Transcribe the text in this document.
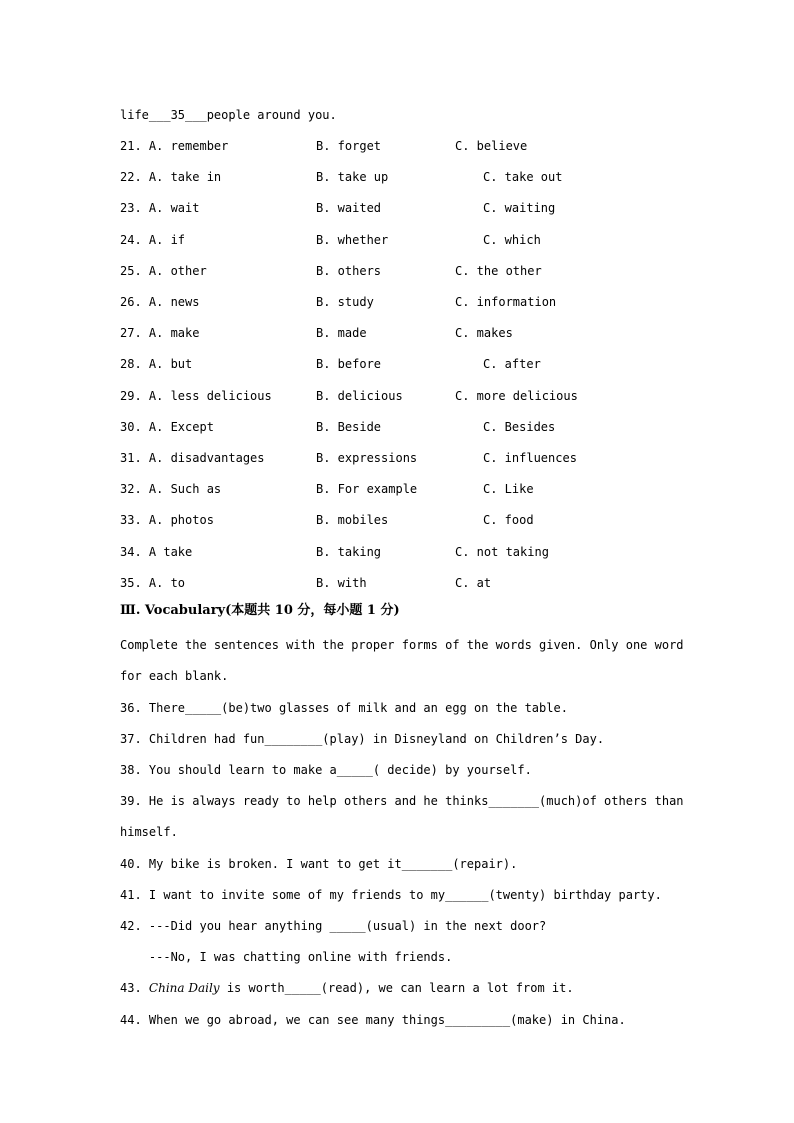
life___35___people around you.
21. A. remember	B. forget	C. believe
22. A. take in	B. take up	C. take out
23. A. wait	B. waited	C. waiting
24. A. if	B. whether	C. which
25. A. other	B. others	C. the other
26. A. news	B. study	C. information
27. A. make	B. made	C. makes
28. A. but	B. before	C. after
29. A. less delicious	B. delicious	C. more delicious
30. A. Except	B. Beside	C. Besides
31. A. disadvantages	B. expressions	C. influences
32. A. Such as	B. For example	C. Like
33. A. photos	B. mobiles	C. food
34. A take	B. taking	C. not taking
35. A. to	B. with	C. at
Ⅲ. Vocabulary(本题共 10 分，每小题 1 分)
Complete the sentences with the proper forms of the words given. Only one word
for each blank.
36. There_____(be)two glasses of milk and an egg on the table.
37. Children had fun________(play) in Disneyland on Children’s Day.
38. You should learn to make a_____( decide) by yourself.
39. He is always ready to help others and he thinks_______(much)of others than
himself.
40. My bike is broken. I want to get it_______(repair).
41. I want to invite some of my friends to my______(twenty) birthday party.
42. ---Did you hear anything _____(usual) in the next door?
---No, I was chatting online with friends.
43. China Daily is worth_____(read), we can learn a lot from it.
44. When we go abroad, we can see many things_________(make) in China.
